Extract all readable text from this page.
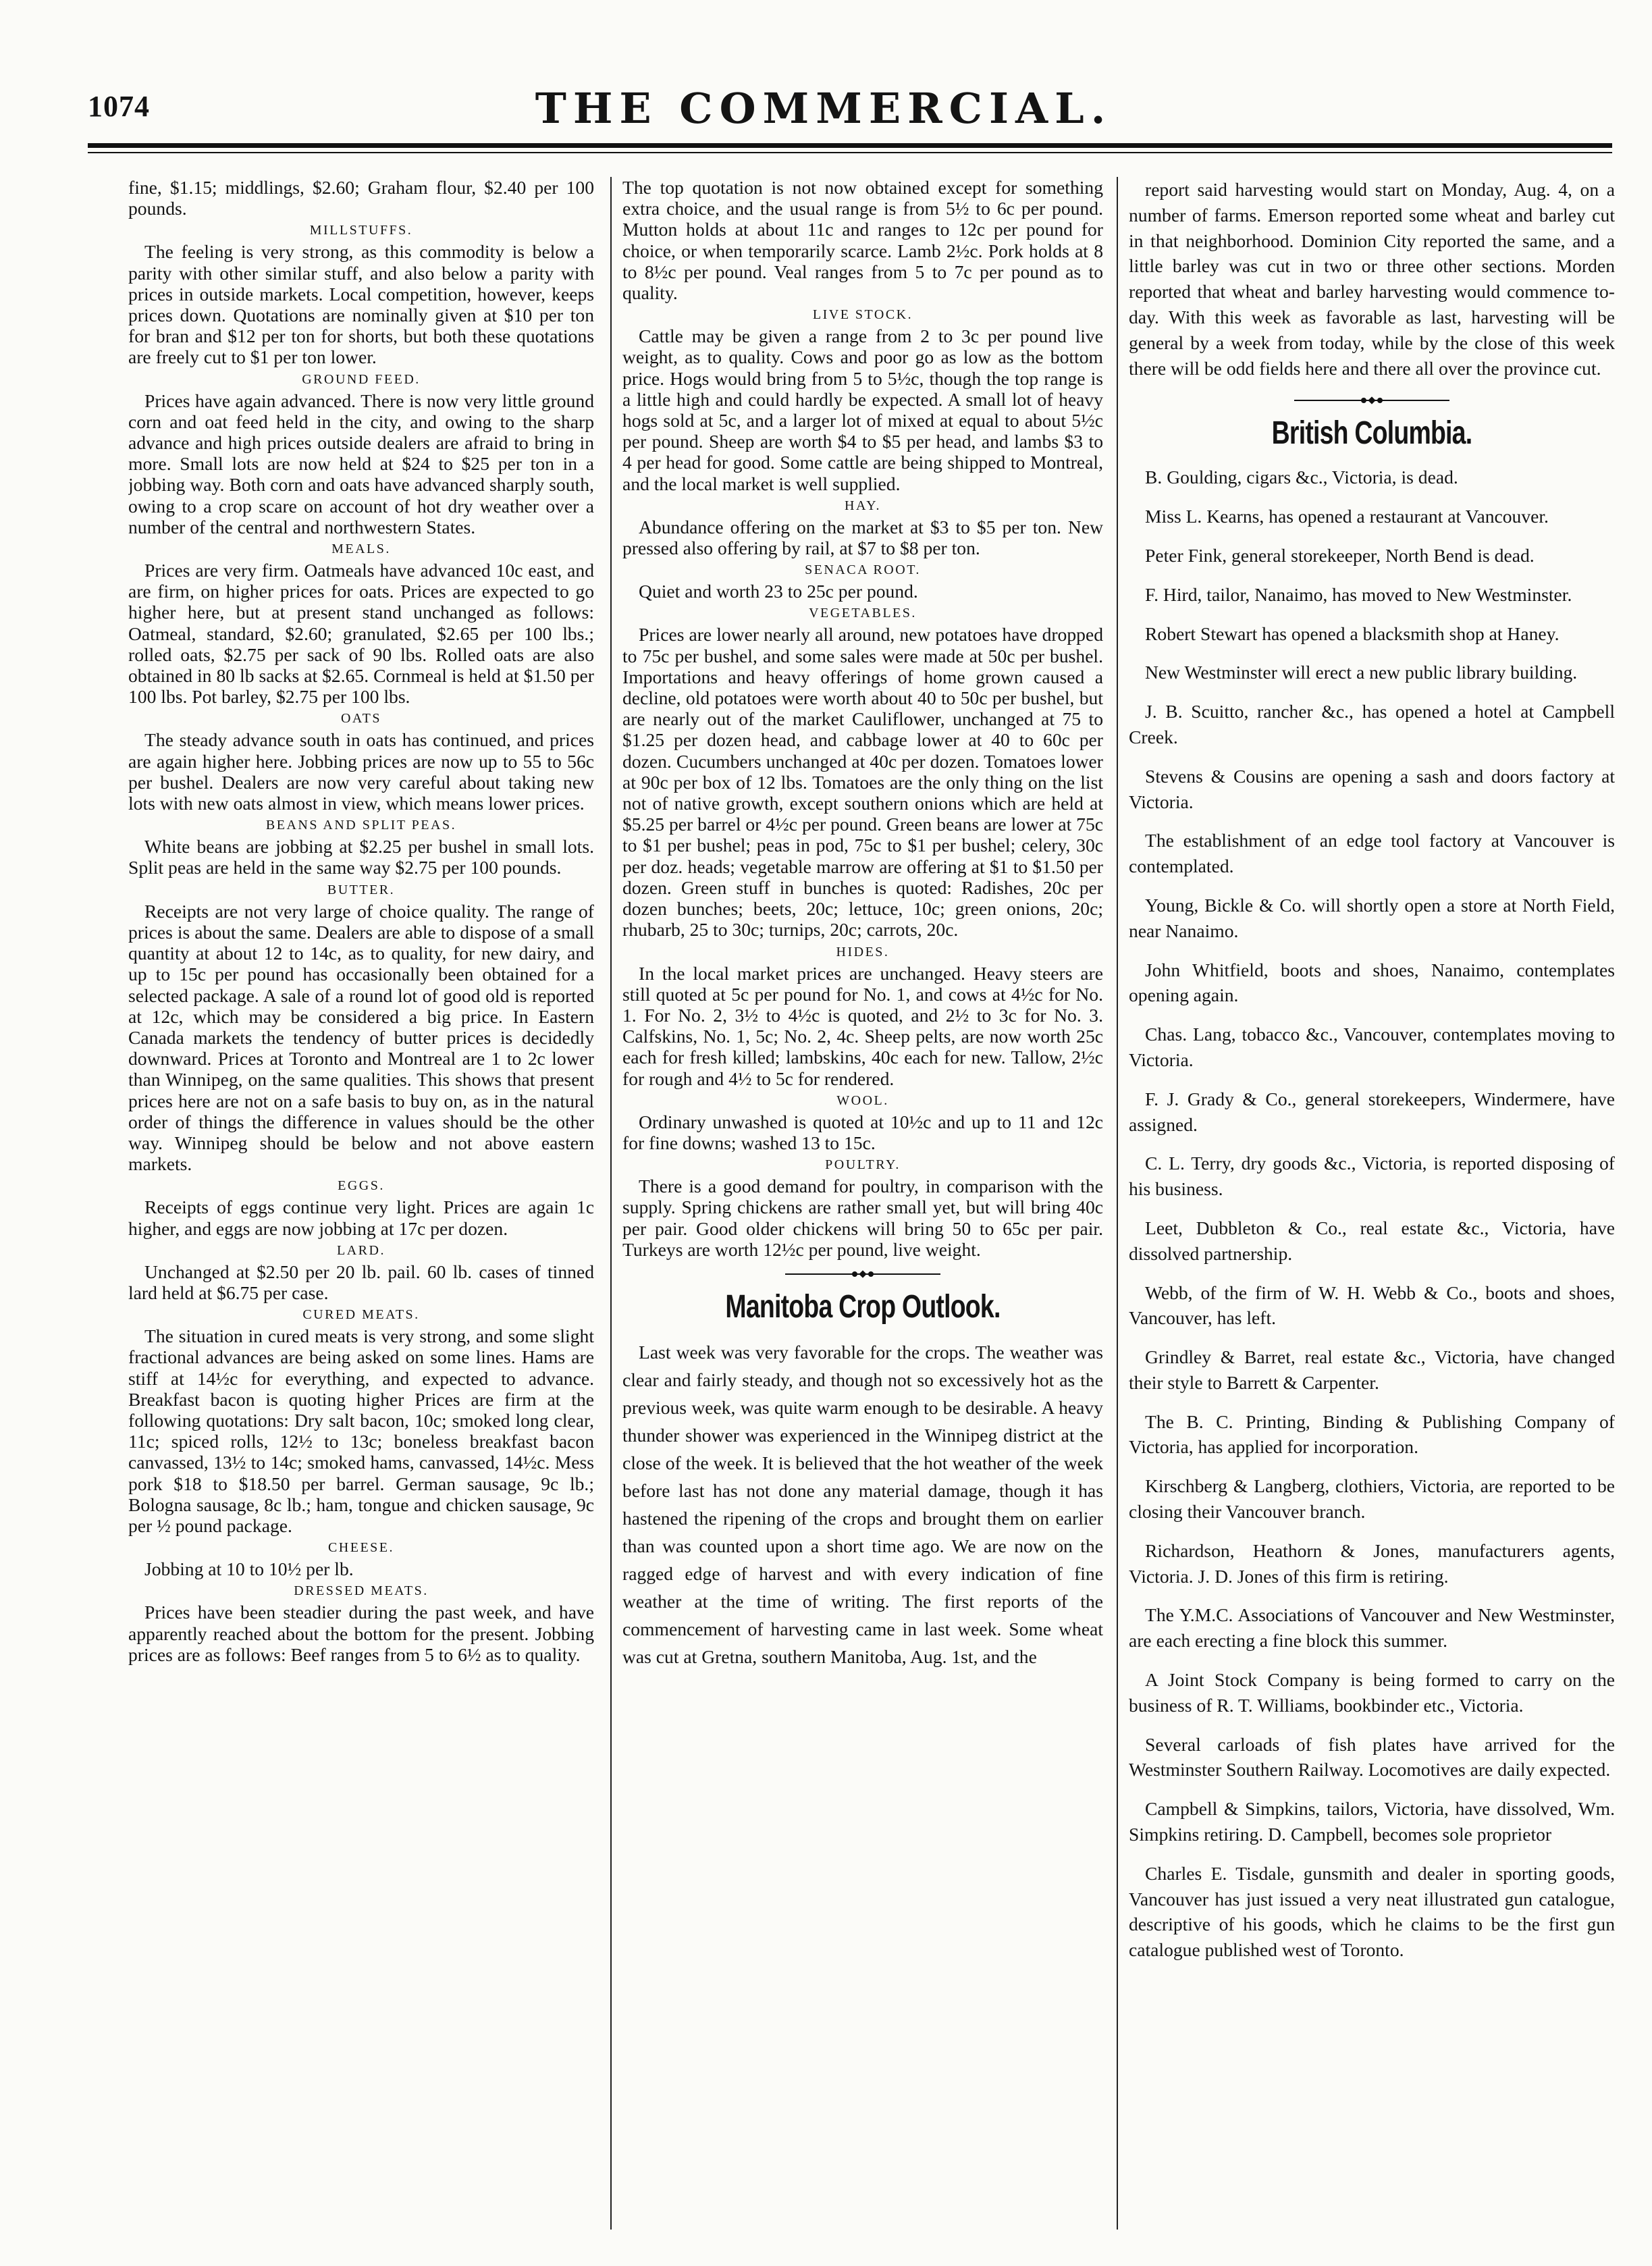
1074	THE COMMERCIAL.

fine, $1.15; middlings, $2.60; Graham flour, $2.40 per 100 pounds.

MILLSTUFFS.

The feeling is very strong, as this commodity is below a parity with other similar stuff, and also below a parity with prices in outside markets. Local competition, however, keeps prices down. Quotations are nominally given at $10 per ton for bran and $12 per ton for shorts, but both these quotations are freely cut to $1 per ton lower.

GROUND FEED.

Prices have again advanced. There is now very little ground corn and oat feed held in the city, and owing to the sharp advance and high prices outside dealers are afraid to bring in more. Small lots are now held at $24 to $25 per ton in a jobbing way. Both corn and oats have advanced sharply south, owing to a crop scare on account of hot dry weather over a number of the central and northwestern States.

MEALS.

Prices are very firm. Oatmeals have advanced 10c east, and are firm, on higher prices for oats. Prices are expected to go higher here, but at present stand unchanged as follows: Oatmeal, standard, $2.60; granulated, $2.65 per 100 lbs.; rolled oats, $2.75 per sack of 90 lbs. Rolled oats are also obtained in 80 lb sacks at $2.65. Cornmeal is held at $1.50 per 100 lbs. Pot barley, $2.75 per 100 lbs.

OATS

The steady advance south in oats has continued, and prices are again higher here. Jobbing prices are now up to 55 to 56c per bushel. Dealers are now very careful about taking new lots with new oats almost in view, which means lower prices.

BEANS AND SPLIT PEAS.

White beans are jobbing at $2.25 per bushel in small lots. Split peas are held in the same way $2.75 per 100 pounds.

BUTTER.

Receipts are not very large of choice quality. The range of prices is about the same. Dealers are able to dispose of a small quantity at about 12 to 14c, as to quality, for new dairy, and up to 15c per pound has occasionally been obtained for a selected package. A sale of a round lot of good old is reported at 12c, which may be considered a big price. In Eastern Canada markets the tendency of butter prices is decidedly downward. Prices at Toronto and Montreal are 1 to 2c lower than Winnipeg, on the same qualities. This shows that present prices here are not on a safe basis to buy on, as in the natural order of things the difference in values should be the other way. Winnipeg should be below and not above eastern markets.

EGGS.

Receipts of eggs continue very light. Prices are again 1c higher, and eggs are now jobbing at 17c per dozen.

LARD.

Unchanged at $2.50 per 20 lb. pail. 60 lb. cases of tinned lard held at $6.75 per case.

CURED MEATS.

The situation in cured meats is very strong, and some slight fractional advances are being asked on some lines. Hams are stiff at 14½c for everything, and expected to advance. Breakfast bacon is quoting higher Prices are firm at the following quotations: Dry salt bacon, 10c; smoked long clear, 11c; spiced rolls, 12½ to 13c; boneless breakfast bacon canvassed, 13½ to 14c; smoked hams, canvassed, 14½c. Mess pork $18 to $18.50 per barrel. German sausage, 9c lb.; Bologna sausage, 8c lb.; ham, tongue and chicken sausage, 9c per ½ pound package.

CHEESE.

Jobbing at 10 to 10½ per lb.

DRESSED MEATS.

Prices have been steadier during the past week, and have apparently reached about the bottom for the present. Jobbing prices are as follows: Beef ranges from 5 to 6½ as to quality.

The top quotation is not now obtained except for something extra choice, and the usual range is from 5½ to 6c per pound. Mutton holds at about 11c and ranges to 12c per pound for choice, or when temporarily scarce. Lamb 2½c. Pork holds at 8 to 8½c per pound. Veal ranges from 5 to 7c per pound as to quality.

LIVE STOCK.

Cattle may be given a range from 2 to 3c per pound live weight, as to quality. Cows and poor go as low as the bottom price. Hogs would bring from 5 to 5½c, though the top range is a little high and could hardly be expected. A small lot of heavy hogs sold at 5c, and a larger lot of mixed at equal to about 5½c per pound. Sheep are worth $4 to $5 per head, and lambs $3 to 4 per head for good. Some cattle are being shipped to Montreal, and the local market is well supplied.

HAY.

Abundance offering on the market at $3 to $5 per ton. New pressed also offering by rail, at $7 to $8 per ton.

SENACA ROOT.

Quiet and worth 23 to 25c per pound.

VEGETABLES.

Prices are lower nearly all around, new potatoes have dropped to 75c per bushel, and some sales were made at 50c per bushel. Importations and heavy offerings of home grown caused a decline, old potatoes were worth about 40 to 50c per bushel, but are nearly out of the market Cauliflower, unchanged at 75 to $1.25 per dozen head, and cabbage lower at 40 to 60c per dozen. Cucumbers unchanged at 40c per dozen. Tomatoes lower at 90c per box of 12 lbs. Tomatoes are the only thing on the list not of native growth, except southern onions which are held at $5.25 per barrel or 4½c per pound. Green beans are lower at 75c to $1 per bushel; peas in pod, 75c to $1 per bushel; celery, 30c per doz. heads; vegetable marrow are offering at $1 to $1.50 per dozen. Green stuff in bunches is quoted: Radishes, 20c per dozen bunches; beets, 20c; lettuce, 10c; green onions, 20c; rhubarb, 25 to 30c; turnips, 20c; carrots, 20c.

HIDES.

In the local market prices are unchanged. Heavy steers are still quoted at 5c per pound for No. 1, and cows at 4½c for No. 1. For No. 2, 3½ to 4½c is quoted, and 2½ to 3c for No. 3. Calfskins, No. 1, 5c; No. 2, 4c. Sheep pelts, are now worth 25c each for fresh killed; lambskins, 40c each for new. Tallow, 2½c for rough and 4½ to 5c for rendered.

WOOL.

Ordinary unwashed is quoted at 10½c and up to 11 and 12c for fine downs; washed 13 to 15c.

POULTRY.

There is a good demand for poultry, in comparison with the supply. Spring chickens are rather small yet, but will bring 40c per pair. Good older chickens will bring 50 to 65c per pair. Turkeys are worth 12½c per pound, live weight.

Manitoba Crop Outlook.

Last week was very favorable for the crops. The weather was clear and fairly steady, and though not so excessively hot as the previous week, was quite warm enough to be desirable. A heavy thunder shower was experienced in the Winnipeg district at the close of the week. It is believed that the hot weather of the week before last has not done any material damage, though it has hastened the ripening of the crops and brought them on earlier than was counted upon a short time ago. We are now on the ragged edge of harvest and with every indication of fine weather at the time of writing. The first reports of the commencement of harvesting came in last week. Some wheat was cut at Gretna, southern Manitoba, Aug. 1st, and the

report said harvesting would start on Monday, Aug. 4, on a number of farms. Emerson reported some wheat and barley cut in that neighborhood. Dominion City reported the same, and a little barley was cut in two or three other sections. Morden reported that wheat and barley harvesting would commence to-day. With this week as favorable as last, harvesting will be general by a week from today, while by the close of this week there will be odd fields here and there all over the province cut.

British Columbia.

B. Goulding, cigars &c., Victoria, is dead.

Miss L. Kearns, has opened a restaurant at Vancouver.

Peter Fink, general storekeeper, North Bend is dead.

F. Hird, tailor, Nanaimo, has moved to New Westminster.

Robert Stewart has opened a blacksmith shop at Haney.

New Westminster will erect a new public library building.

J. B. Scuitto, rancher &c., has opened a hotel at Campbell Creek.

Stevens & Cousins are opening a sash and doors factory at Victoria.

The establishment of an edge tool factory at Vancouver is contemplated.

Young, Bickle & Co. will shortly open a store at North Field, near Nanaimo.

John Whitfield, boots and shoes, Nanaimo, contemplates opening again.

Chas. Lang, tobacco &c., Vancouver, contemplates moving to Victoria.

F. J. Grady & Co., general storekeepers, Windermere, have assigned.

C. L. Terry, dry goods &c., Victoria, is reported disposing of his business.

Leet, Dubbleton & Co., real estate &c., Victoria, have dissolved partnership.

Webb, of the firm of W. H. Webb & Co., boots and shoes, Vancouver, has left.

Grindley & Barret, real estate &c., Victoria, have changed their style to Barrett & Carpenter.

The B. C. Printing, Binding & Publishing Company of Victoria, has applied for incorporation.

Kirschberg & Langberg, clothiers, Victoria, are reported to be closing their Vancouver branch.

Richardson, Heathorn & Jones, manufacturers agents, Victoria. J. D. Jones of this firm is retiring.

The Y.M.C. Associations of Vancouver and New Westminster, are each erecting a fine block this summer.

A Joint Stock Company is being formed to carry on the business of R. T. Williams, bookbinder etc., Victoria.

Several carloads of fish plates have arrived for the Westminster Southern Railway. Locomotives are daily expected.

Campbell & Simpkins, tailors, Victoria, have dissolved, Wm. Simpkins retiring. D. Campbell, becomes sole proprietor

Charles E. Tisdale, gunsmith and dealer in sporting goods, Vancouver has just issued a very neat illustrated gun catalogue, descriptive of his goods, which he claims to be the first gun catalogue published west of Toronto.
